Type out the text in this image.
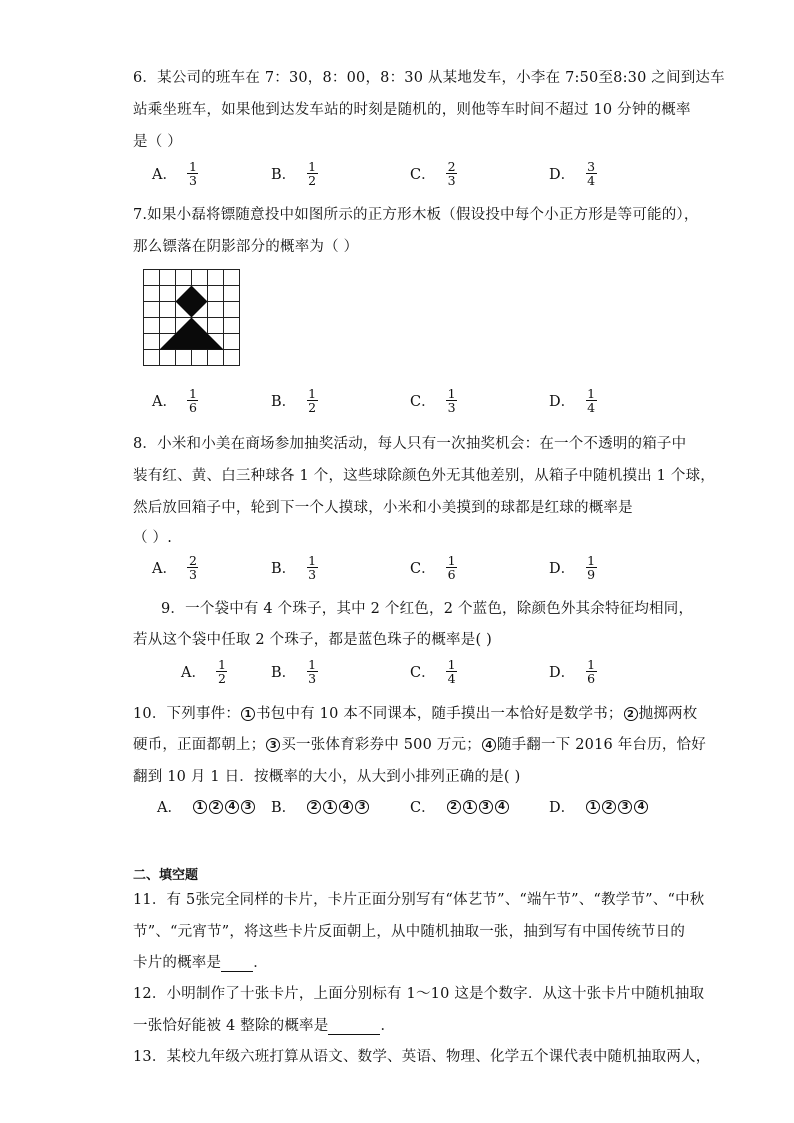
6．某公司的班车在 7：30，8：00，8：30 从某地发车，小李在 7:50至8:30 之间到达车
站乘坐班车，如果他到达发车站的时刻是随机的，则他等车时间不超过 10 分钟的概率
是（ ）
A． $\frac{1}{3}$	B． $\frac{1}{2}$	C． $\frac{2}{3}$	D． $\frac{3}{4}$
7.如果小磊将镖随意投中如图所示的正方形木板（假设投中每个小正方形是等可能的），
那么镖落在阴影部分的概率为（ ）
A． $\frac{1}{6}$	B． $\frac{1}{2}$	C． $\frac{1}{3}$	D． $\frac{1}{4}$
8．小米和小美在商场参加抽奖活动，每人只有一次抽奖机会：在一个不透明的箱子中
装有红、黄、白三种球各 1 个，这些球除颜色外无其他差别，从箱子中随机摸出 1 个球，
然后放回箱子中，轮到下一个人摸球，小米和小美摸到的球都是红球的概率是
（ ）.
A． $\frac{2}{3}$	B． $\frac{1}{3}$	C． $\frac{1}{6}$	D． $\frac{1}{9}$
9．一个袋中有 4 个珠子，其中 2 个红色，2 个蓝色，除颜色外其余特征均相同，
若从这个袋中任取 2 个珠子，都是蓝色珠子的概率是( )
A． $\frac{1}{2}$	B． $\frac{1}{3}$	C． $\frac{1}{4}$	D． $\frac{1}{6}$
10．下列事件： 1 书包中有 10 本不同课本，随手摸出一本恰好是数学书； 2 抛掷两枚
硬币，正面都朝上； 3 买一张体育彩券中 500 万元； 4 随手翻一下 2016 年台历，恰好
翻到 10 月 1 日．按概率的大小，从大到小排列正确的是( )
A．	1 2 4 3 B．	2 1 4 3	C．	2 1 3 4	D．	1 2 3 4
二、填空题
11．有 5张完全同样的卡片，卡片正面分别写有“体艺节”、“端午节”、“教学节”、“中秋
节”、“元宵节”，将这些卡片反面朝上，从中随机抽取一张，抽到写有中国传统节日的
卡片的概率是 ．
12．小明制作了十张卡片，上面分别标有 1～10 这是个数字．从这十张卡片中随机抽取
一张恰好能被 4 整除的概率是	．
13．某校九年级六班打算从语文、数学、英语、物理、化学五个课代表中随机抽取两人，
